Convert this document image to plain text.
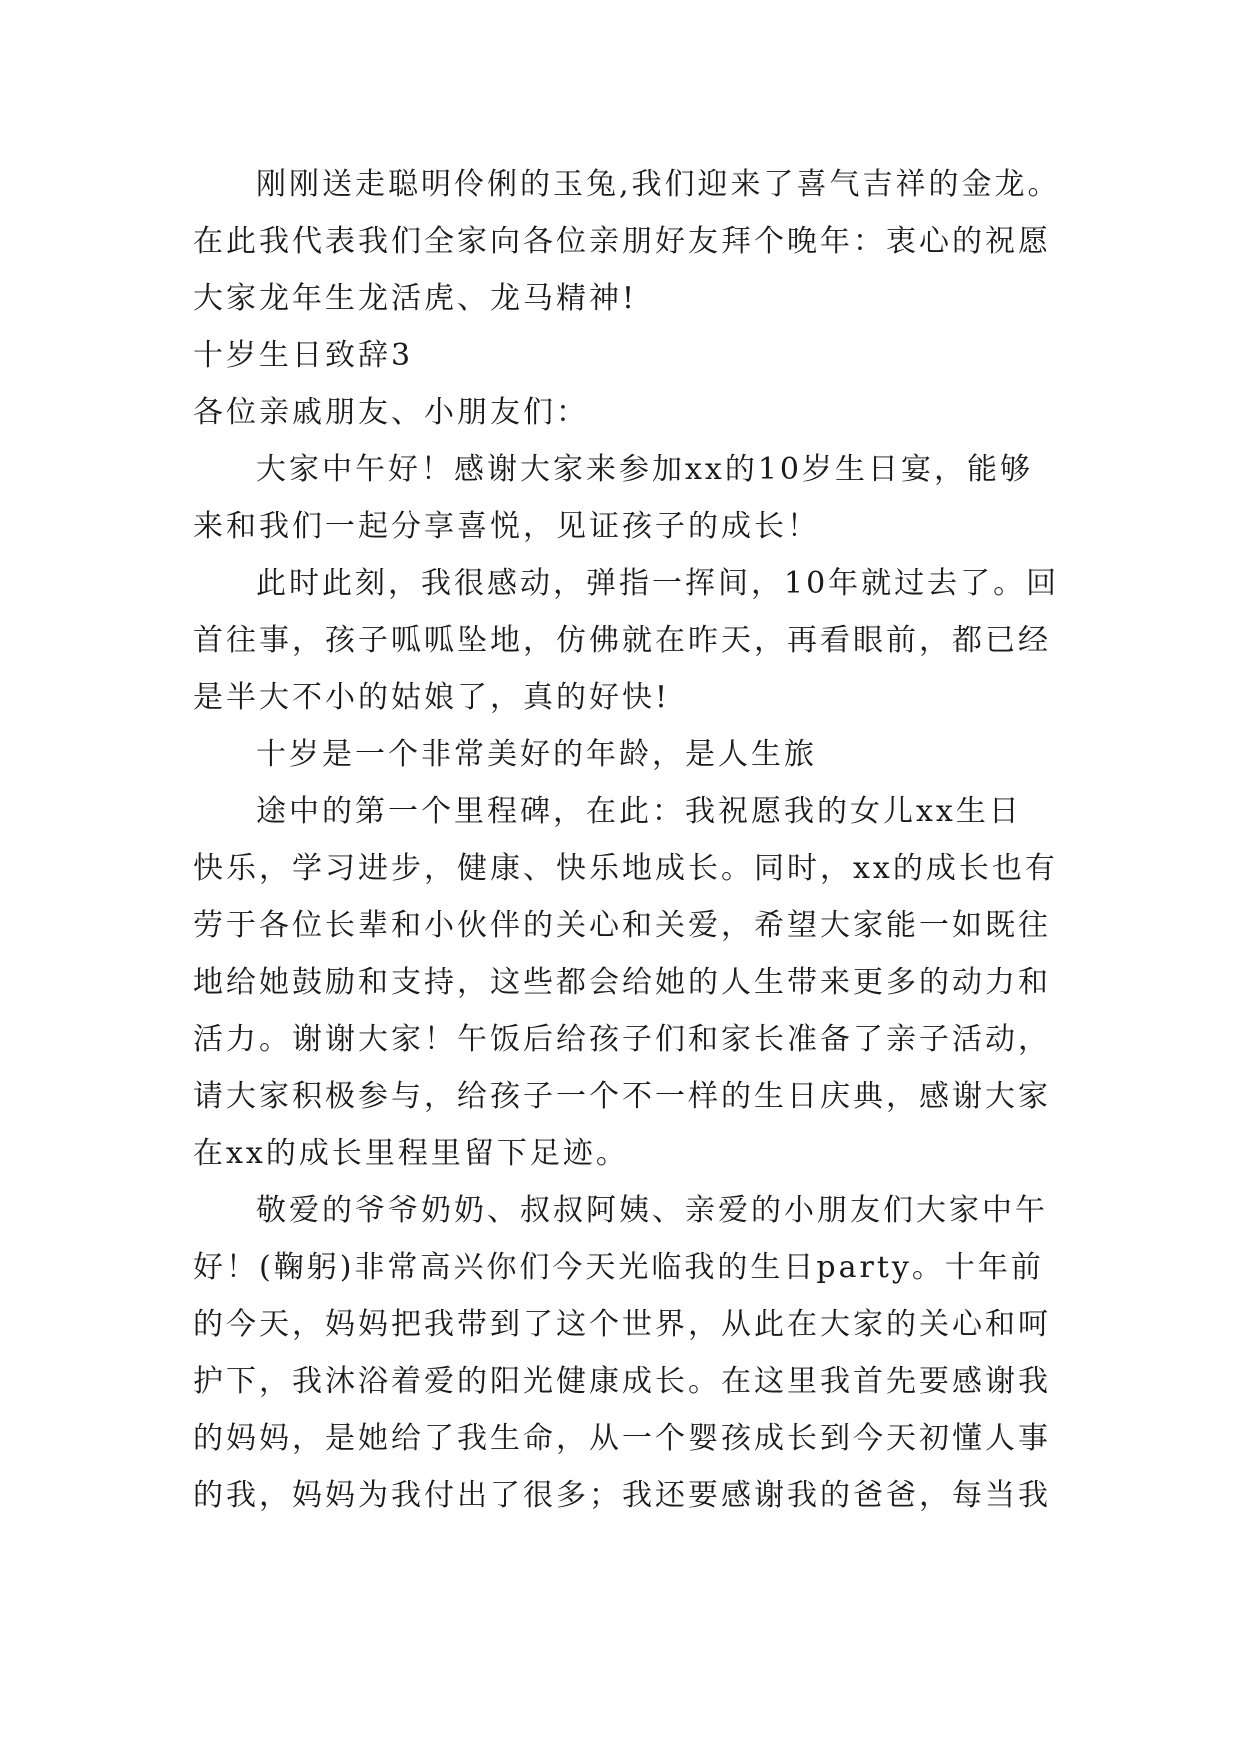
刚刚送走聪明伶俐的玉兔,我们迎来了喜气吉祥的金龙。
在此我代表我们全家向各位亲朋好友拜个晚年：衷心的祝愿
大家龙年生龙活虎、龙马精神!
十岁生日致辞3
各位亲戚朋友、小朋友们：
大家中午好！感谢大家来参加xx的10岁生日宴，能够
来和我们一起分享喜悦，见证孩子的成长！
此时此刻，我很感动，弹指一挥间，10年就过去了。回
首往事，孩子呱呱坠地，仿佛就在昨天，再看眼前，都已经
是半大不小的姑娘了，真的好快!
十岁是一个非常美好的年龄，是人生旅
途中的第一个里程碑，在此：我祝愿我的女儿xx生日
快乐，学习进步，健康、快乐地成长。同时，xx的成长也有
劳于各位长辈和小伙伴的关心和关爱，希望大家能一如既往
地给她鼓励和支持，这些都会给她的人生带来更多的动力和
活力。谢谢大家！午饭后给孩子们和家长准备了亲子活动，
请大家积极参与，给孩子一个不一样的生日庆典，感谢大家
在xx的成长里程里留下足迹。
敬爱的爷爷奶奶、叔叔阿姨、亲爱的小朋友们大家中午
好！(鞠躬)非常高兴你们今天光临我的生日party。十年前
的今天，妈妈把我带到了这个世界，从此在大家的关心和呵
护下，我沐浴着爱的阳光健康成长。在这里我首先要感谢我
的妈妈，是她给了我生命，从一个婴孩成长到今天初懂人事
的我，妈妈为我付出了很多；我还要感谢我的爸爸，每当我
